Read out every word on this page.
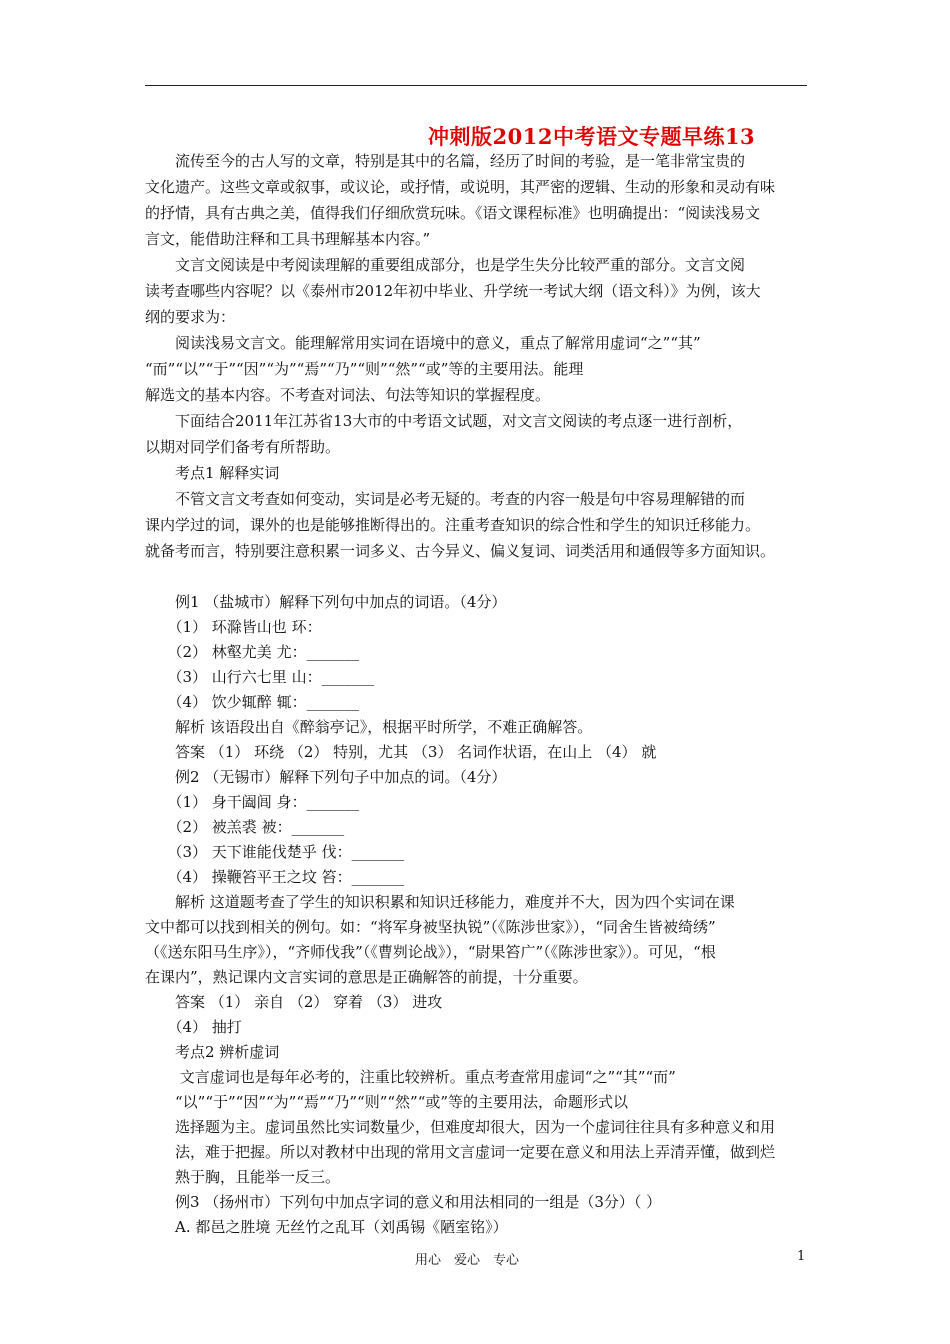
冲刺版2012中考语文专题早练13
　　流传至今的古人写的文章，特别是其中的名篇，经历了时间的考验，是一笔非常宝贵的
文化遗产。这些文章或叙事，或议论，或抒情，或说明，其严密的逻辑、生动的形象和灵动有味
的抒情，具有古典之美，值得我们仔细欣赏玩味。《语文课程标准》也明确提出：“阅读浅易文
言文，能借助注释和工具书理解基本内容。”
　　文言文阅读是中考阅读理解的重要组成部分，也是学生失分比较严重的部分。文言文阅
读考查哪些内容呢？以《泰州市2012年初中毕业、升学统一考试大纲（语文科）》为例，该大
纲的要求为：
　　阅读浅易文言文。能理解常用实词在语境中的意义，重点了解常用虚词“之”“其”
“而”“以”“于”“因”“为”“焉”“乃”“则”“然”“或”等的主要用法。能理
解选文的基本内容。不考查对词法、句法等知识的掌握程度。
　　下面结合2011年江苏省13大市的中考语文试题，对文言文阅读的考点逐一进行剖析，
以期对同学们备考有所帮助。
　　考点1 解释实词
　　不管文言文考查如何变动，实词是必考无疑的。考查的内容一般是句中容易理解错的而
课内学过的词，课外的也是能够推断得出的。注重考查知识的综合性和学生的知识迁移能力。
就备考而言，特别要注意积累一词多义、古今异义、偏义复词、词类活用和通假等多方面知识。
　　例1 （盐城市）解释下列句中加点的词语。（4分）
　　（1） 环滁皆山也 环：
　　（2） 林壑尤美 尤：_______
　　（3） 山行六七里 山：_______
　　（4） 饮少辄醉 辄：_______
　　解析 该语段出自《醉翁亭记》，根据平时所学，不难正确解答。
　　答案 （1） 环绕 （2） 特别，尤其 （3） 名词作状语，在山上 （4） 就
　　例2 （无锡市）解释下列句子中加点的词。（4分）
　　（1） 身干阖闾 身：_______
　　（2） 被羔裘 被：_______
　　（3） 天下谁能伐楚乎 伐：_______
　　（4） 操鞭笞平王之坟 笞：_______
　　解析 这道题考查了学生的知识积累和知识迁移能力，难度并不大，因为四个实词在课
文中都可以找到相关的例句。如：“将军身被坚执锐”（《陈涉世家》），“同舍生皆被绮绣”
（《送东阳马生序》），“齐师伐我”（《曹刿论战》），“尉果笞广”（《陈涉世家》）。可见，“根
在课内”，熟记课内文言实词的意思是正确解答的前提，十分重要。
　　答案 （1） 亲自 （2） 穿着 （3） 进攻
　　（4） 抽打
　　考点2 辨析虚词
　　 文言虚词也是每年必考的，注重比较辨析。重点考查常用虚词“之”“其”“而”
　　“以”“于”“因”“为”“焉”“乃”“则”“然”“或”等的主要用法，命题形式以
　　选择题为主。虚词虽然比实词数量少，但难度却很大，因为一个虚词往往具有多种意义和用
　　法，难于把握。所以对教材中出现的常用文言虚词一定要在意义和用法上弄清弄懂，做到烂
　　熟于胸，且能举一反三。
　　例3 （扬州市）下列句中加点字词的意义和用法相同的一组是（3分）（ ）
　　A. 都邑之胜境 无丝竹之乱耳（刘禹锡《陋室铭》）
用心　爱心　专心	1
